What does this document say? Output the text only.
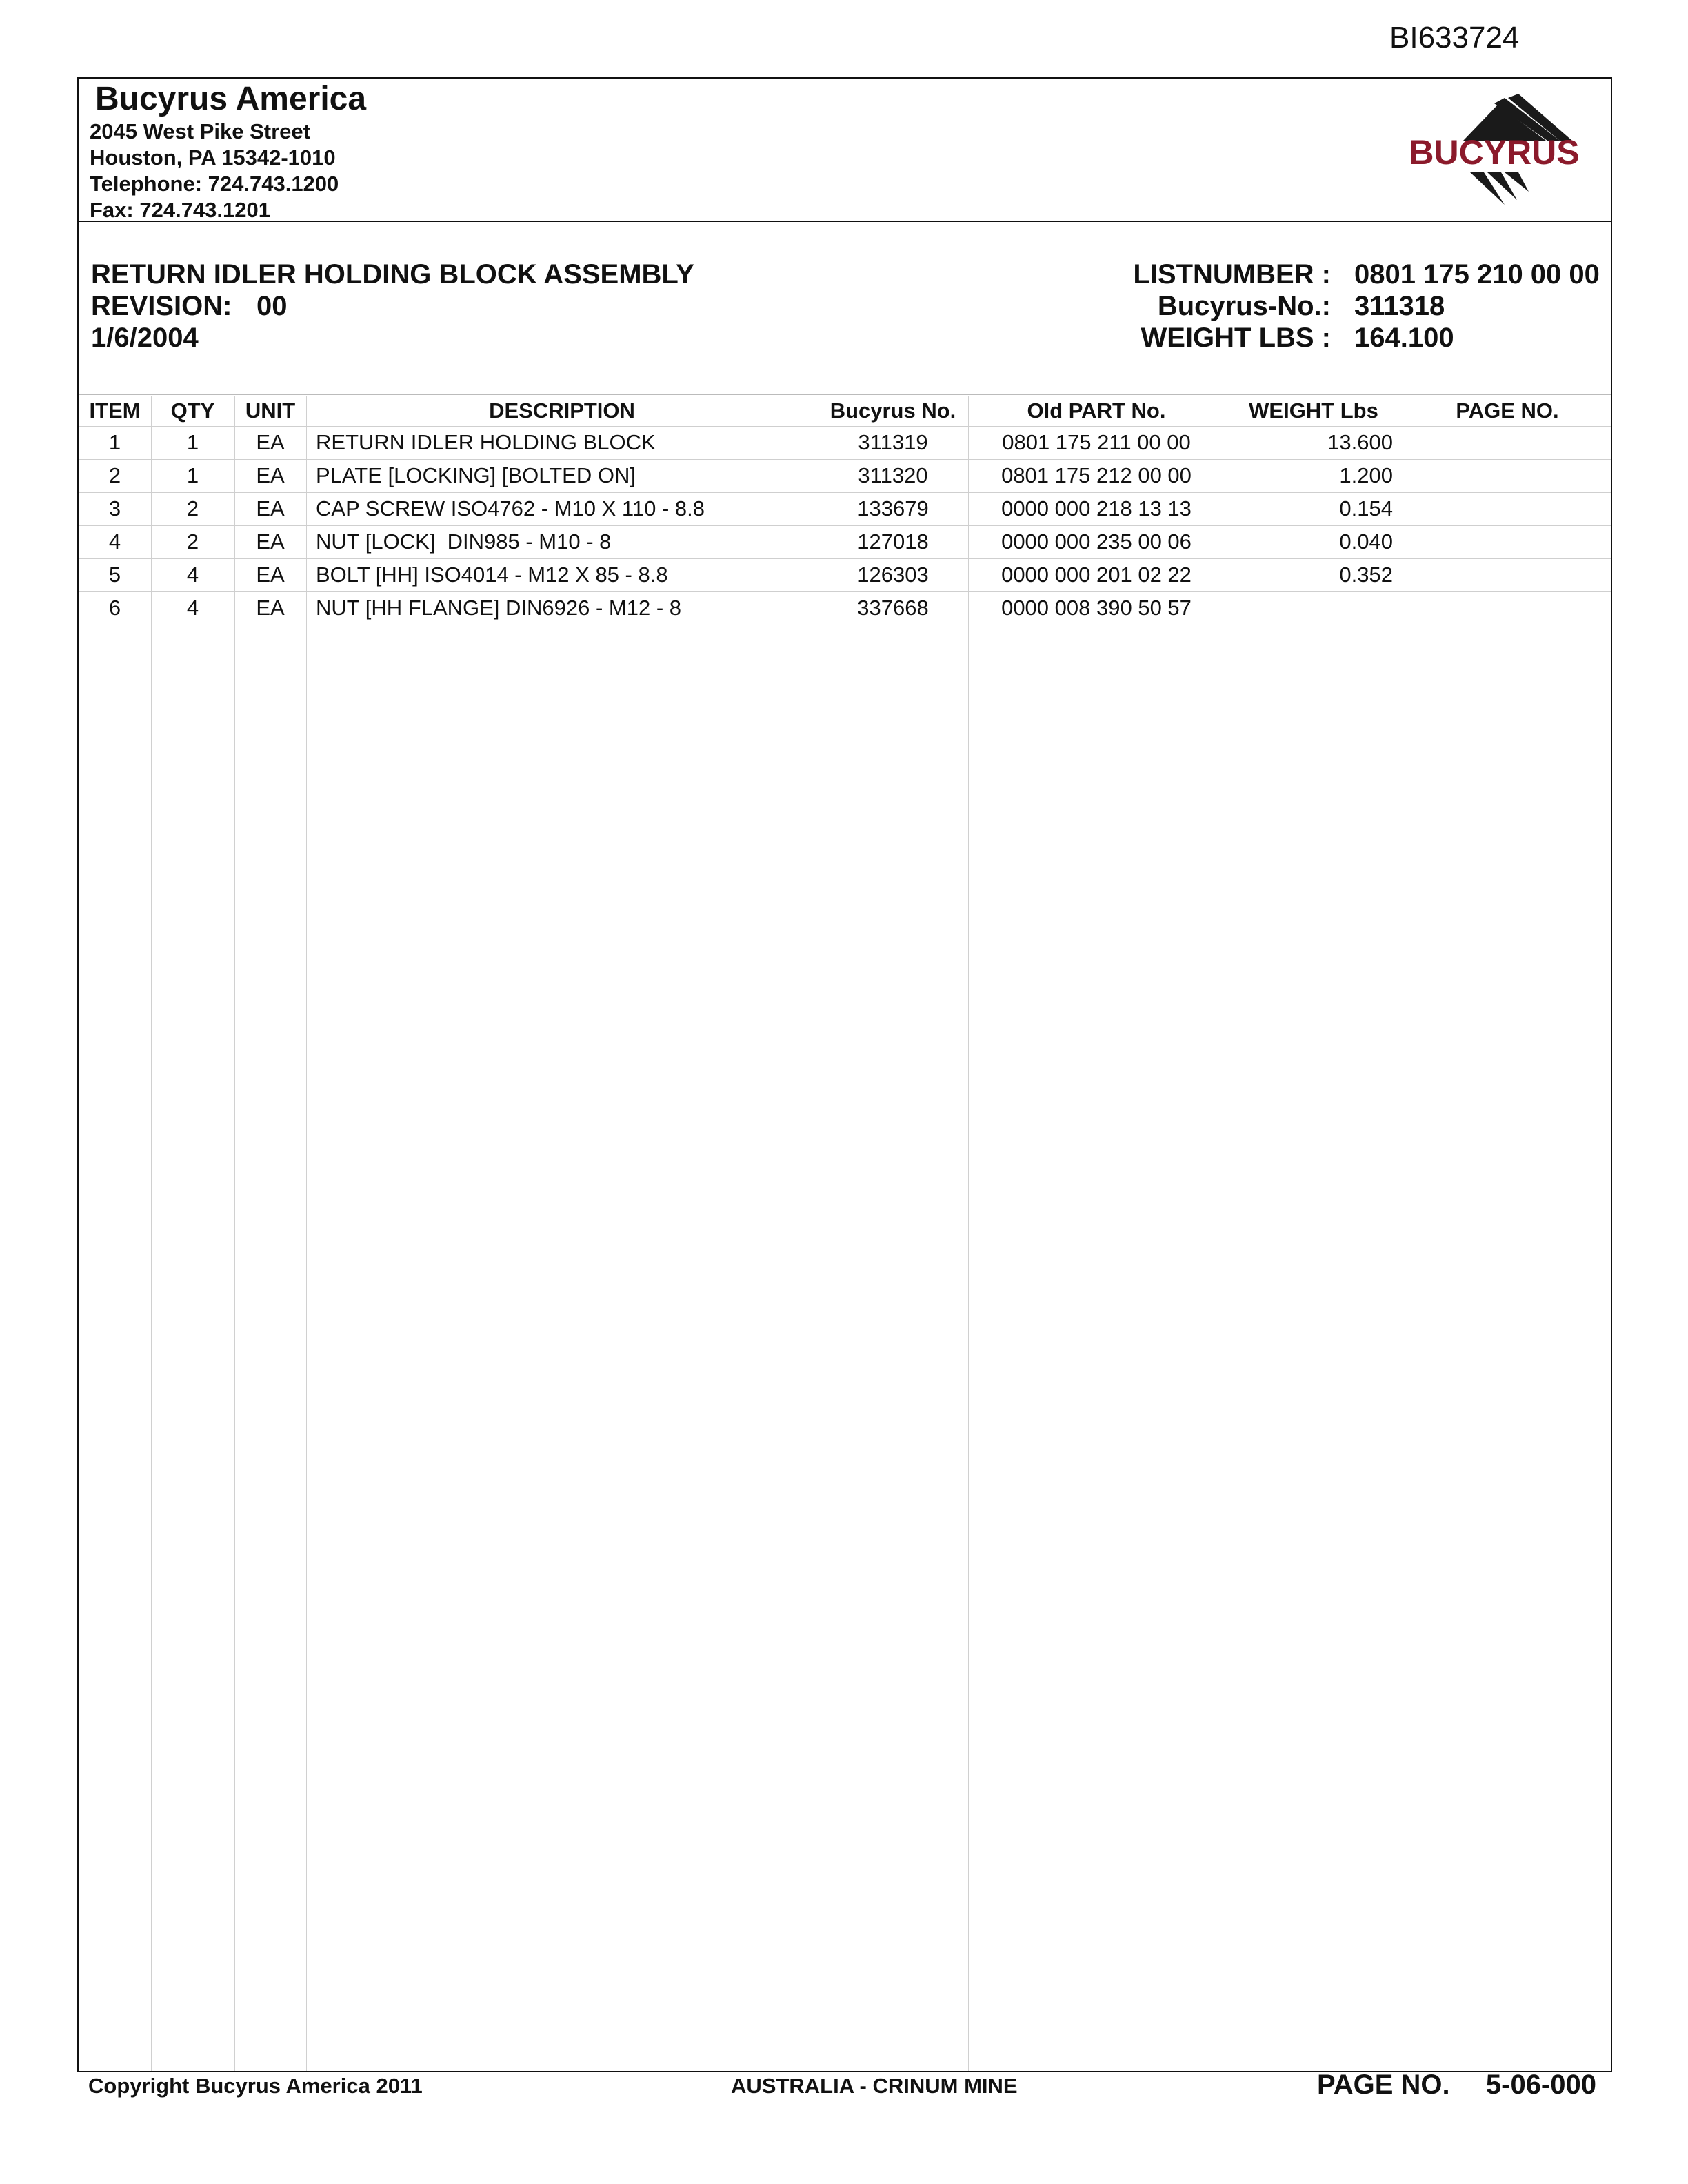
BI633724
Bucyrus America
2045 West Pike Street
Houston, PA 15342-1010
Telephone: 724.743.1200
Fax: 724.743.1201
BUCYRUS
RETURN IDLER HOLDING BLOCK ASSEMBLY
REVISION: 00
1/6/2004
LISTNUMBER : 0801 175 210 00 00
Bucyrus-No.: 311318
WEIGHT LBS : 164.100
ITEM	QTY	UNIT	DESCRIPTION	Bucyrus No.	Old PART No.	WEIGHT Lbs	PAGE NO.
1	1	EA	RETURN IDLER HOLDING BLOCK	311319	0801 175 211 00 00	13.600
2	1	EA	PLATE [LOCKING] [BOLTED ON]	311320	0801 175 212 00 00	1.200
3	2	EA	CAP SCREW ISO4762 - M10 X 110 - 8.8	133679	0000 000 218 13 13	0.154
4	2	EA	NUT [LOCK]  DIN985 - M10 - 8	127018	0000 000 235 00 06	0.040
5	4	EA	BOLT [HH] ISO4014 - M12 X 85 - 8.8	126303	0000 000 201 02 22	0.352
6	4	EA	NUT [HH FLANGE] DIN6926 - M12 - 8	337668	0000 008 390 50 57
Copyright Bucyrus America 2011	AUSTRALIA - CRINUM MINE	PAGE NO. 5-06-000
